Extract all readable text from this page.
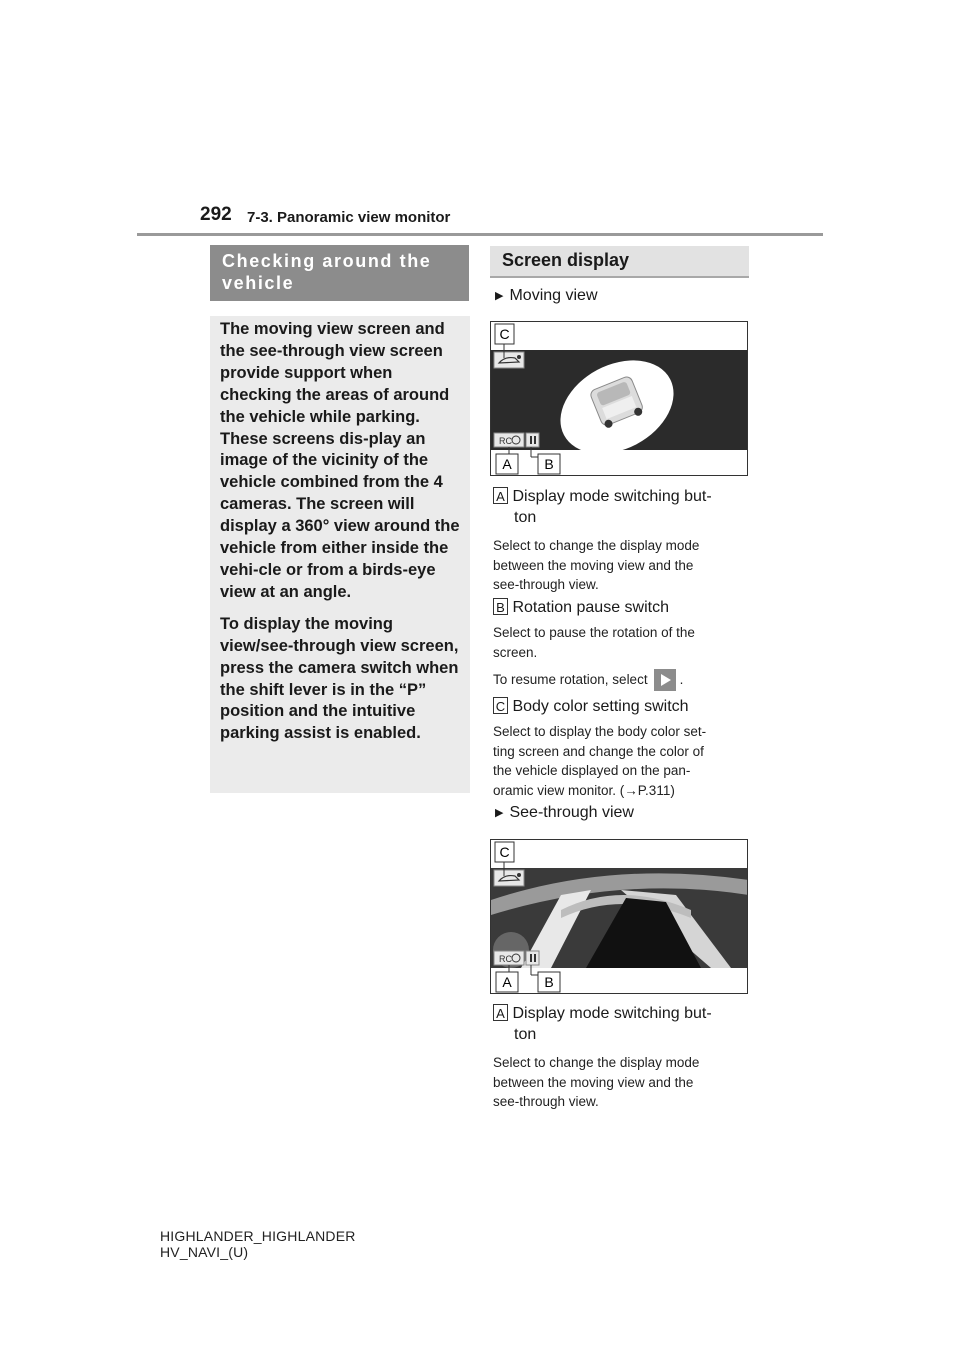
292 7-3. Panoramic view monitor
Checking around the vehicle

The moving view screen and the see-through view screen provide support when checking the areas of around the vehicle while parking. These screens dis-play an image of the vicinity of the vehicle combined from the 4 cameras. The screen will display a 360° view around the vehicle from either inside the vehi-cle or from a birds-eye view at an angle.

To display the moving view/see-through view screen, press the camera switch when the shift lever is in the “P” position and the intuitive parking assist is enabled.

Screen display
▶ Moving view
C
RC
A B
A Display mode switching but-
ton
Select to change the display mode
between the moving view and the
see-through view.
B Rotation pause switch
Select to pause the rotation of the
screen.
To resume rotation, select .
C Body color setting switch
Select to display the body color set-
ting screen and change the color of
the vehicle displayed on the pan-
oramic view monitor. (→P.311)
▶ See-through view
C
RC
A B
A Display mode switching but-
ton
Select to change the display mode
between the moving view and the
see-through view.
HIGHLANDER_HIGHLANDER
HV_NAVI_(U)
